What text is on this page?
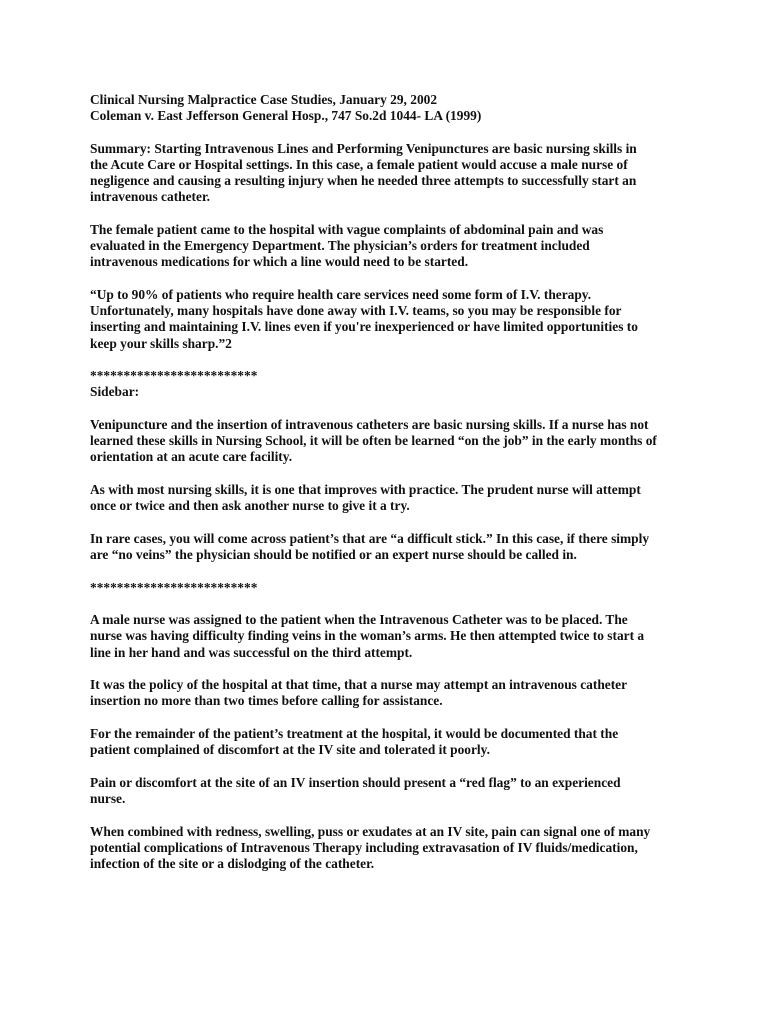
Clinical Nursing Malpractice Case Studies, January 29, 2002
Coleman v. East Jefferson General Hosp., 747 So.2d 1044- LA (1999)
Summary: Starting Intravenous Lines and Performing Venipunctures are basic nursing skills in
the Acute Care or Hospital settings. In this case, a female patient would accuse a male nurse of
negligence and causing a resulting injury when he needed three attempts to successfully start an
intravenous catheter.
The female patient came to the hospital with vague complaints of abdominal pain and was
evaluated in the Emergency Department. The physician’s orders for treatment included
intravenous medications for which a line would need to be started.
“Up to 90% of patients who require health care services need some form of I.V. therapy.
Unfortunately, many hospitals have done away with I.V. teams, so you may be responsible for
inserting and maintaining I.V. lines even if you're inexperienced or have limited opportunities to
keep your skills sharp.”2
*************************
Sidebar:
Venipuncture and the insertion of intravenous catheters are basic nursing skills. If a nurse has not
learned these skills in Nursing School, it will be often be learned “on the job” in the early months of
orientation at an acute care facility.
As with most nursing skills, it is one that improves with practice. The prudent nurse will attempt
once or twice and then ask another nurse to give it a try.
In rare cases, you will come across patient’s that are “a difficult stick.” In this case, if there simply
are “no veins” the physician should be notified or an expert nurse should be called in.
*************************
A male nurse was assigned to the patient when the Intravenous Catheter was to be placed. The
nurse was having difficulty finding veins in the woman’s arms. He then attempted twice to start a
line in her hand and was successful on the third attempt.
It was the policy of the hospital at that time, that a nurse may attempt an intravenous catheter
insertion no more than two times before calling for assistance.
For the remainder of the patient’s treatment at the hospital, it would be documented that the
patient complained of discomfort at the IV site and tolerated it poorly.
Pain or discomfort at the site of an IV insertion should present a “red flag” to an experienced
nurse.
When combined with redness, swelling, puss or exudates at an IV site, pain can signal one of many
potential complications of Intravenous Therapy including extravasation of IV fluids/medication,
infection of the site or a dislodging of the catheter.
